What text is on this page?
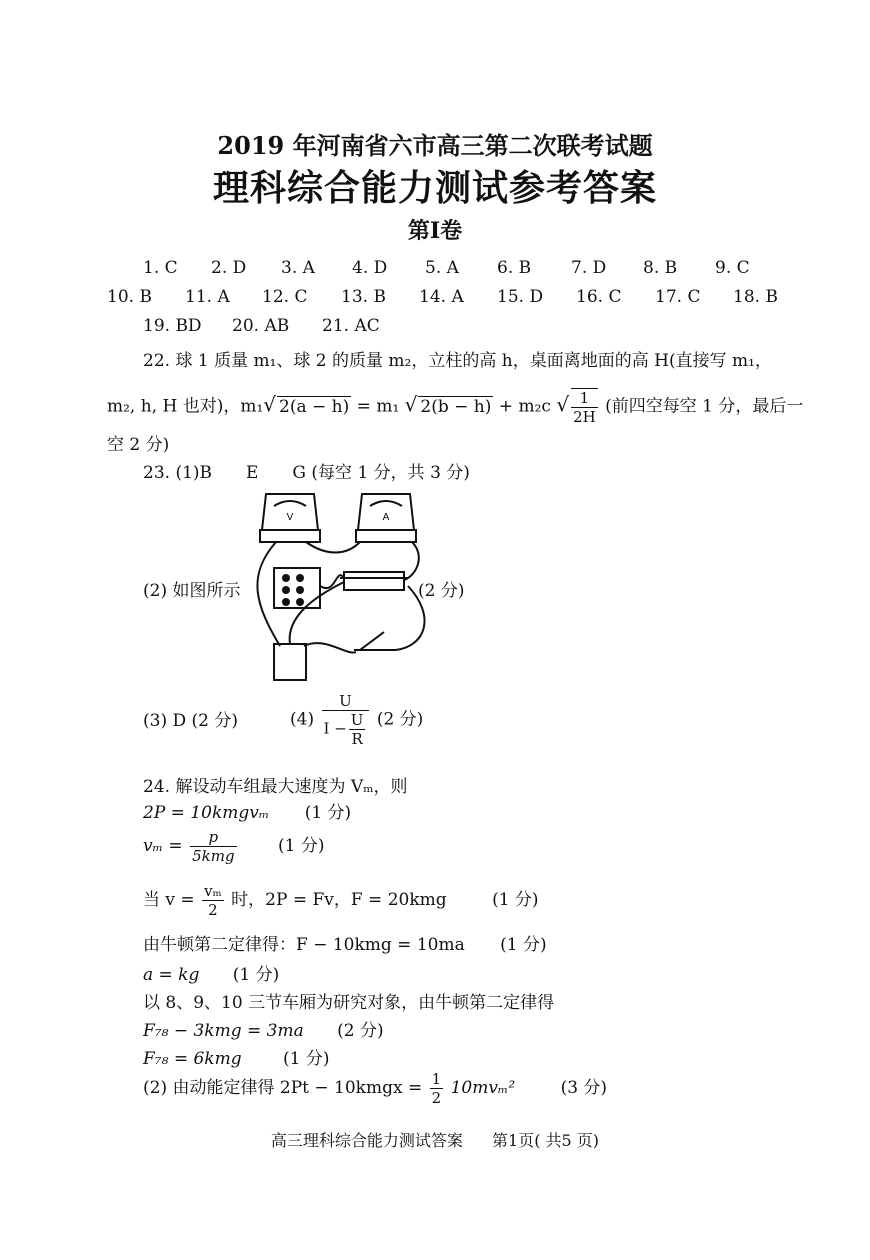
2019 年河南省六市高三第二次联考试题
理科综合能力测试参考答案
第Ⅰ卷
1. C 2. D 3. A 4. D 5. A 6. B 7. D 8. B 9. C
10. B 11. A 12. C 13. B 14. A 15. D 16. C 17. C 18. B
19. BD 20. AB 21. AC
22. 球 1 质量 m₁、球 2 的质量 m₂，立柱的高 h，桌面离地面的高 H(直接写 m₁，
m₂, h, H 也对)，m₁√ 2(a − h) = m₁ √ 2(b − h) + m₂c √ $\frac{1}{2H}$ (前四空每空 1 分，最后一
空 2 分)
23. (1)B　　E　　G (每空 1 分，共 3 分)
V	A
(2) 如图所示	(2 分)
(3) D (2 分)	$(4) \frac{U}{I - \frac{U}{R}} (2$ 分)
24. 解设动车组最大速度为 Vₘ，则
2P = 10kmgvₘ (1 分)
$v_m = \frac{p}{\text{5kmg}} (1$ 分)
当 $v = \frac{\text{vₘ}}{2}$ 时，2P = Fv，F = 20kmg	(1 分)
由牛顿第二定律得：F − 10kmg = 10ma (1 分)
a = kg (1 分)
以 8、9、10 三节车厢为研究对象，由牛顿第二定律得
F₇₈ − 3kmg = 3ma (2 分)
F₇₈ = 6kmg (1 分)
(2) 由动能定律得 2Pt − 10kmgx = $\frac{1}{2} 10mv_m^2$	(3 分)
高三理科综合能力测试答案 第1页( 共5 页)
